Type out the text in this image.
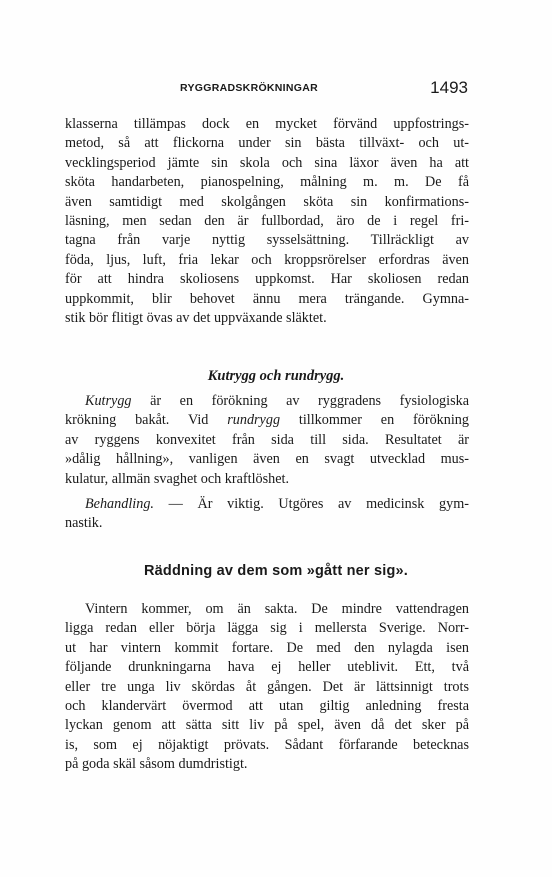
RYGGRADSKRÖKNINGAR	1493
klasserna tillämpas dock en mycket förvänd uppfostrings-
metod, så att flickorna under sin bästa tillväxt- och ut-
vecklingsperiod jämte sin skola och sina läxor även ha att
sköta handarbeten, pianospelning, målning m. m. De få
även samtidigt med skolgången sköta sin konfirmations-
läsning, men sedan den är fullbordad, äro de i regel fri-
tagna från varje nyttig sysselsättning. Tillräckligt av
föda, ljus, luft, fria lekar och kroppsrörelser erfordras även
för att hindra skoliosens uppkomst. Har skoliosen redan
uppkommit, blir behovet ännu mera trängande. Gymna-
stik bör flitigt övas av det uppväxande släktet.
Kutrygg och rundrygg.
Kutrygg är en förökning av ryggradens fysiologiska
krökning bakåt. Vid rundrygg tillkommer en förökning
av ryggens konvexitet från sida till sida. Resultatet är
»dålig hållning», vanligen även en svagt utvecklad mus-
kulatur, allmän svaghet och kraftlöshet.
Behandling. — Är viktig. Utgöres av medicinsk gym-
nastik.
Räddning av dem som »gått ner sig».
Vintern kommer, om än sakta. De mindre vattendragen
ligga redan eller börja lägga sig i mellersta Sverige. Norr-
ut har vintern kommit fortare. De med den nylagda isen
följande drunkningarna hava ej heller uteblivit. Ett, två
eller tre unga liv skördas åt gången. Det är lättsinnigt trots
och klandervärt övermod att utan giltig anledning fresta
lyckan genom att sätta sitt liv på spel, även då det sker på
is, som ej nöjaktigt prövats. Sådant förfarande betecknas
på goda skäl såsom dumdristigt.
